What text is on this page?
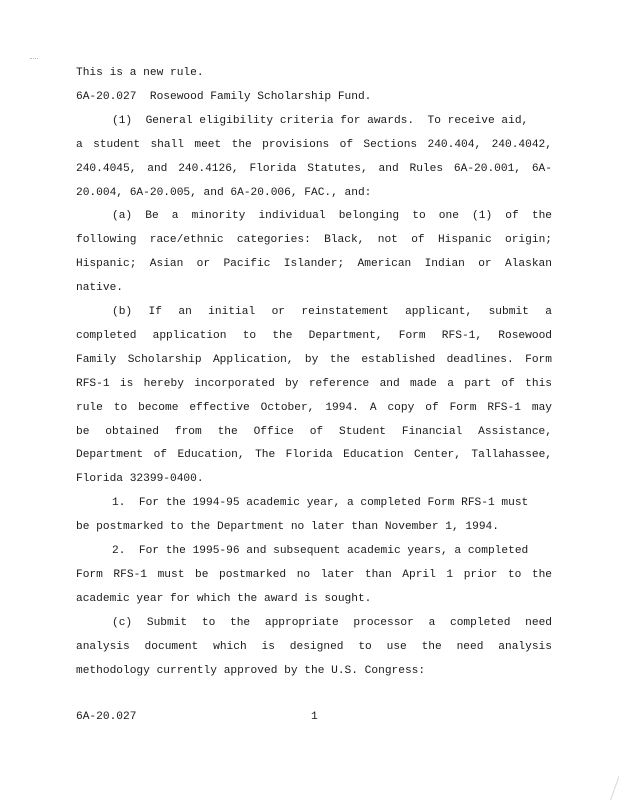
This is a new rule.
6A-20.027  Rosewood Family Scholarship Fund.
(1)  General eligibility criteria for awards.  To receive aid,
a student shall meet the provisions of Sections 240.404, 240.4042,
240.4045, and 240.4126, Florida Statutes, and Rules 6A-20.001, 6A-
20.004, 6A-20.005, and 6A-20.006, FAC., and:
(a) Be a minority individual belonging to one (1) of the
following race/ethnic categories: Black, not of Hispanic origin;
Hispanic; Asian or Pacific Islander; American Indian or Alaskan
native.
(b) If an initial or reinstatement applicant, submit a
completed application to the Department, Form RFS-1, Rosewood
Family Scholarship Application, by the established deadlines. Form
RFS-1 is hereby incorporated by reference and made a part of this
rule to become effective October, 1994. A copy of Form RFS-1 may
be obtained from the Office of Student Financial Assistance,
Department of Education, The Florida Education Center, Tallahassee,
Florida 32399-0400.
1.  For the 1994-95 academic year, a completed Form RFS-1 must
be postmarked to the Department no later than November 1, 1994.
2.  For the 1995-96 and subsequent academic years, a completed
Form RFS-1 must be postmarked no later than April 1 prior to the
academic year for which the award is sought.
(c) Submit to the appropriate processor a completed need
analysis document which is designed to use the need analysis
methodology currently approved by the U.S. Congress:
6A-20.027	1
